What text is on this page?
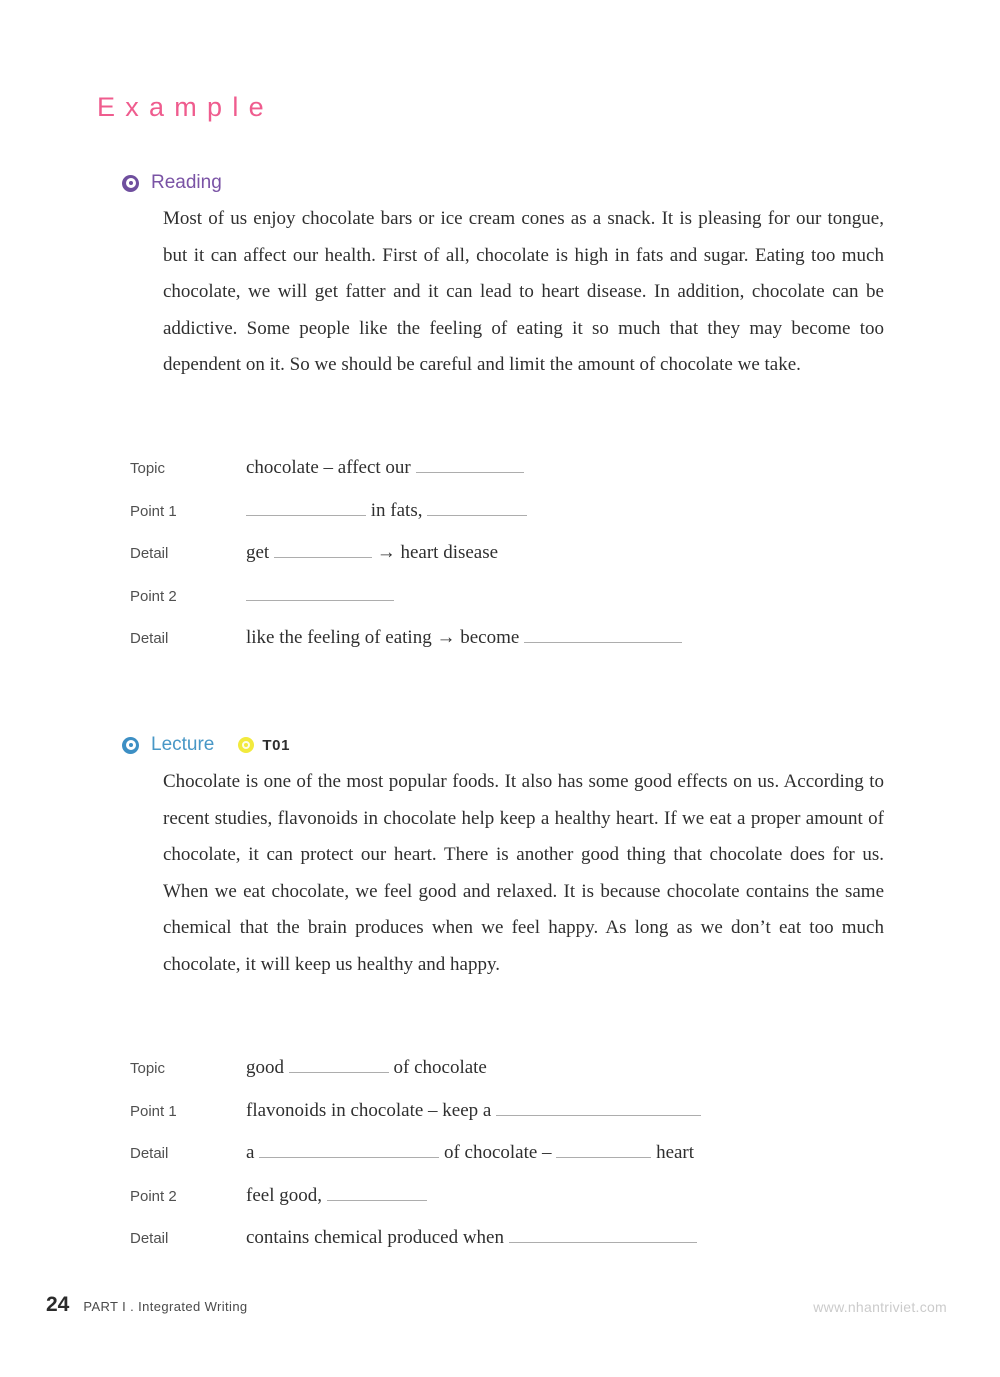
Example
Reading
Most of us enjoy chocolate bars or ice cream cones as a snack. It is pleasing for our tongue, but it can affect our health. First of all, chocolate is high in fats and sugar. Eating too much chocolate, we will get fatter and it can lead to heart disease. In addition, chocolate can be addictive. Some people like the feeling of eating it so much that they may become too dependent on it. So we should be careful and limit the amount of chocolate we take.
Topic	chocolate – affect our
Point 1	in fats,
Detail	get	→ heart disease
Point 2
Detail	like the feeling of eating → become
Lecture	T01
Chocolate is one of the most popular foods. It also has some good effects on us. According to recent studies, flavonoids in chocolate help keep a healthy heart. If we eat a proper amount of chocolate, it can protect our heart. There is another good thing that chocolate does for us. When we eat chocolate, we feel good and relaxed. It is because chocolate contains the same chemical that the brain produces when we feel happy. As long as we don’t eat too much chocolate, it will keep us healthy and happy.
Topic	good	of chocolate
Point 1	flavonoids in chocolate – keep a
Detail	a	of chocolate –	heart
Point 2	feel good,
Detail	contains chemical produced when
24 PART I . Integrated Writing	www.nhantriviet.com
